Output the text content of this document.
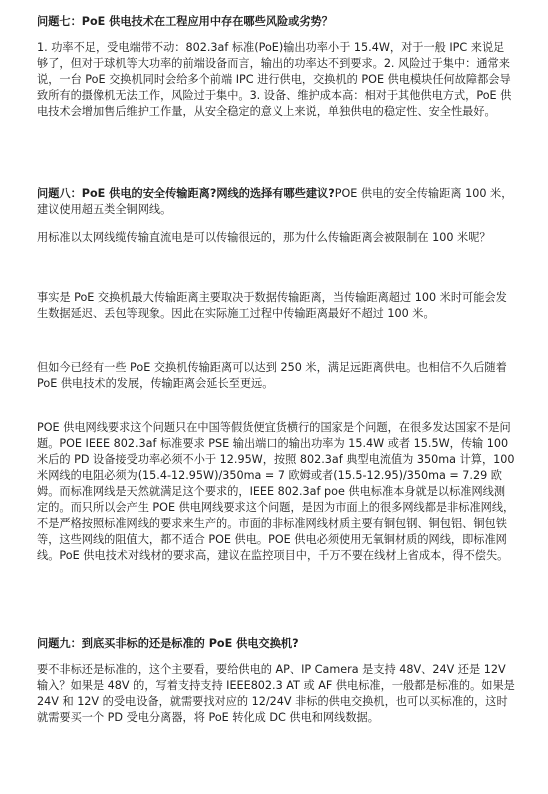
问题七：PoE 供电技术在工程应用中存在哪些风险或劣势？
1. 功率不足，受电端带不动：802.3af 标准(PoE)输出功率小于 15.4W，对于一般 IPC 来说足够了，但对于球机等大功率的前端设备而言，输出的功率达不到要求。2. 风险过于集中：通常来说，一台 PoE 交换机同时会给多个前端 IPC 进行供电，交换机的 POE 供电模块任何故障都会导致所有的摄像机无法工作，风险过于集中。3. 设备、维护成本高：相对于其他供电方式，PoE 供电技术会增加售后维护工作量，从安全稳定的意义上来说，单独供电的稳定性、安全性最好。
问题八：PoE 供电的安全传输距离?网线的选择有哪些建议?POE 供电的安全传输距离 100 米，建议使用超五类全铜网线。
用标准以太网线缆传输直流电是可以传输很远的，那为什么传输距离会被限制在 100 米呢？
事实是 PoE 交换机最大传输距离主要取决于数据传输距离，当传输距离超过 100 米时可能会发生数据延迟、丢包等现象。因此在实际施工过程中传输距离最好不超过 100 米。
但如今已经有一些 PoE 交换机传输距离可以达到 250 米，满足远距离供电。也相信不久后随着 PoE 供电技术的发展，传输距离会延长至更远。
POE 供电网线要求这个问题只在中国等假货便宜货横行的国家是个问题，在很多发达国家不是问题。POE IEEE 802.3af 标准要求 PSE 输出端口的输出功率为 15.4W 或者 15.5W，传输 100 米后的 PD 设备接受功率必须不小于 12.95W，按照 802.3af 典型电流值为 350ma 计算，100 米网线的电阻必须为(15.4-12.95W)/350ma = 7 欧姆或者(15.5-12.95)/350ma = 7.29 欧姆。而标准网线是天然就满足这个要求的，IEEE 802.3af poe 供电标准本身就是以标准网线测定的。而只所以会产生 POE 供电网线要求这个问题，是因为市面上的很多网线都是非标准网线，不是严格按照标准网线的要求来生产的。市面的非标准网线材质主要有铜包钢、铜包铝、铜包铁等，这些网线的阻值大，都不适合 POE 供电。POE 供电必须使用无氧铜材质的网线，即标准网线。PoE 供电技术对线材的要求高，建议在监控项目中，千万不要在线材上省成本，得不偿失。
问题九：到底买非标的还是标准的 PoE 供电交换机?
要不非标还是标准的，这个主要看，要给供电的 AP、IP Camera 是支持 48V、24V 还是 12V 输入？如果是 48V 的，写着支持支持 IEEE802.3 AT 或 AF 供电标准，一般都是标准的。如果是 24V 和 12V 的受电设备，就需要找对应的 12/24V 非标的供电交换机，也可以买标准的，这时就需要买一个 PD 受电分离器，将 PoE 转化成 DC 供电和网线数据。
